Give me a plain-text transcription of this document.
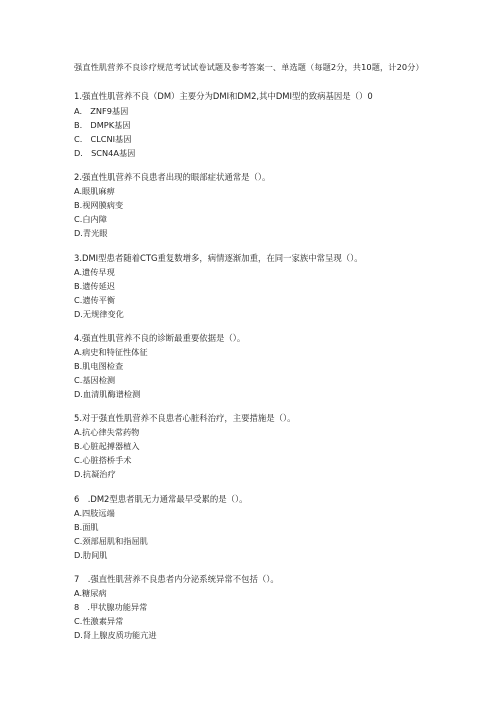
强直性肌营养不良诊疗规范考试试卷试题及参考答案一、单选题（每题2分，共10题，计20分）
1.强直性肌营养不良（DM）主要分为DMI和DM2,其中DMI型的致病基因是（）0
A.　ZNF9基因
B.　DMPK基因
C.　CLCNI基因
D.　SCN4A基因
2.强直性肌营养不良患者出现的眼部症状通常是（）。
A.眼肌麻痹
B.视网膜病变
C.白内障
D.青光眼
3.DMI型患者随着CTG重复数增多，病情逐渐加重，在同一家族中常呈现（）。
A.遗传早现
B.遗传延迟
C.遗传平衡
D.无规律变化
4.强直性肌营养不良的诊断最重要依据是（）。
A.病史和特征性体征
B.肌电图检查
C.基因检测
D.血清肌酶谱检测
5.对于强直性肌营养不良患者心脏科治疗，主要措施是（）。
A.抗心律失常药物
B.心脏起搏器植入
C.心脏搭桥手术
D.抗凝治疗
6　.DM2型患者肌无力通常最早受累的是（）。
A.四肢远端
B.面肌
C.颈部屈肌和指屈肌
D.肋间肌
7　.强直性肌营养不良患者内分泌系统异常不包括（）。
A.糖尿病
8　.甲状腺功能异常
C.性激素异常
D.肾上腺皮质功能亢进
